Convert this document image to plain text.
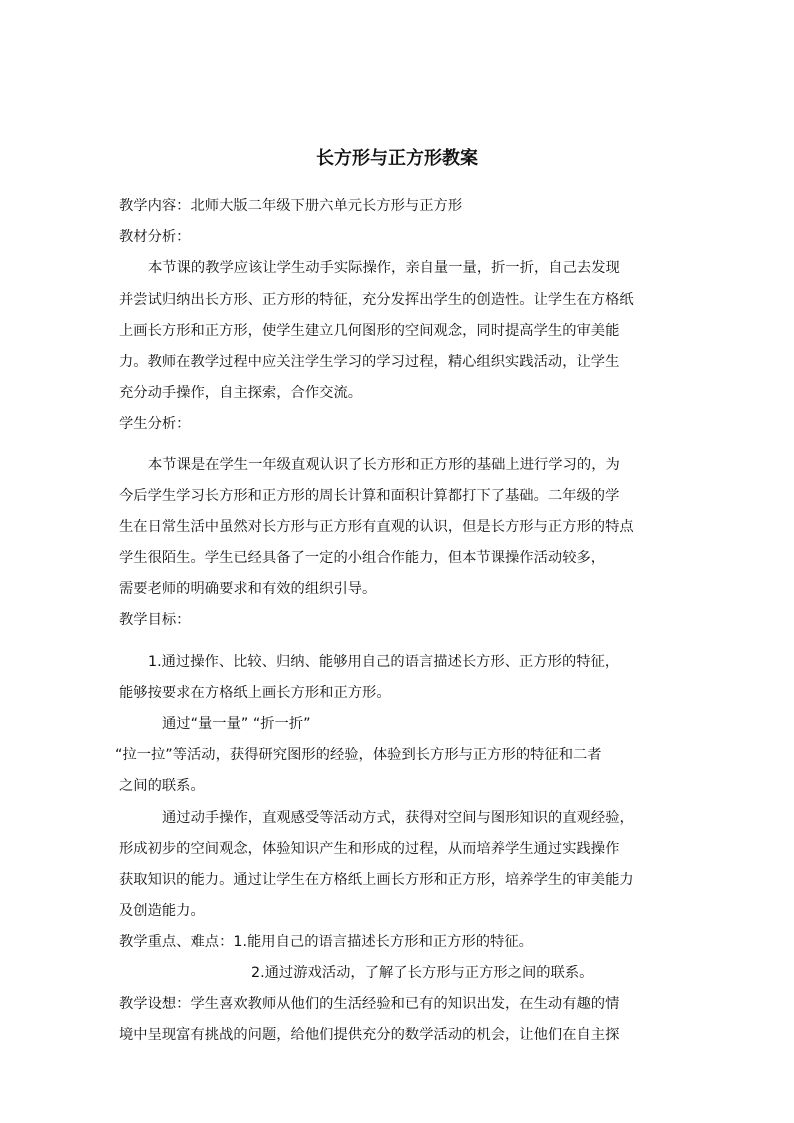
长方形与正方形教案
教学内容：北师大版二年级下册六单元长方形与正方形
教材分析：
本节课的教学应该让学生动手实际操作，亲自量一量，折一折，自己去发现
并尝试归纳出长方形、正方形的特征，充分发挥出学生的创造性。让学生在方格纸
上画长方形和正方形，使学生建立几何图形的空间观念，同时提高学生的审美能
力。教师在教学过程中应关注学生学习的学习过程，精心组织实践活动，让学生
充分动手操作，自主探索，合作交流。
学生分析：
本节课是在学生一年级直观认识了长方形和正方形的基础上进行学习的，为
今后学生学习长方形和正方形的周长计算和面积计算都打下了基础。二年级的学
生在日常生活中虽然对长方形与正方形有直观的认识，但是长方形与正方形的特点
学生很陌生。学生已经具备了一定的小组合作能力，但本节课操作活动较多，
需要老师的明确要求和有效的组织引导。
教学目标：
1.通过操作、比较、归纳、能够用自己的语言描述长方形、正方形的特征，
能够按要求在方格纸上画长方形和正方形。
通过“量一量” “折一折”
“拉一拉”等活动，获得研究图形的经验，体验到长方形与正方形的特征和二者
之间的联系。
通过动手操作，直观感受等活动方式，获得对空间与图形知识的直观经验，
形成初步的空间观念，体验知识产生和形成的过程，从而培养学生通过实践操作
获取知识的能力。通过让学生在方格纸上画长方形和正方形，培养学生的审美能力
及创造能力。
教学重点、难点：1.能用自己的语言描述长方形和正方形的特征。
2.通过游戏活动，了解了长方形与正方形之间的联系。
教学设想：学生喜欢教师从他们的生活经验和已有的知识出发，在生动有趣的情
境中呈现富有挑战的问题，给他们提供充分的数学活动的机会，让他们在自主探
